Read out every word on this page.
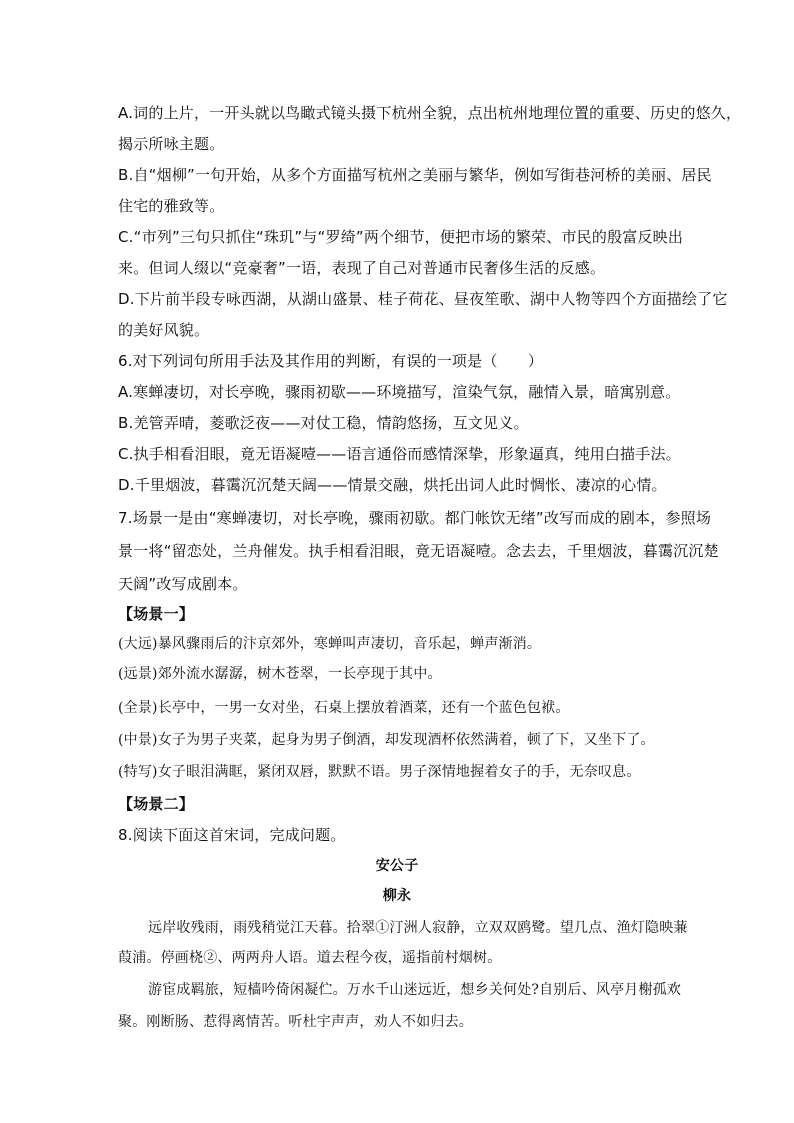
A.词的上片，一开头就以鸟瞰式镜头摄下杭州全貌，点出杭州地理位置的重要、历史的悠久，
揭示所咏主题。
B.自“烟柳”一句开始，从多个方面描写杭州之美丽与繁华，例如写街巷河桥的美丽、居民
住宅的雅致等。
C.“市列”三句只抓住“珠玑”与“罗绮”两个细节，便把市场的繁荣、市民的殷富反映出
来。但词人缀以“竞豪奢”一语，表现了自己对普通市民奢侈生活的反感。
D.下片前半段专咏西湖，从湖山盛景、桂子荷花、昼夜笙歌、湖中人物等四个方面描绘了它
的美好风貌。
6.对下列词句所用手法及其作用的判断，有误的一项是（　　）
A.寒蝉凄切，对长亭晚，骤雨初歇——环境描写，渲染气氛，融情入景，暗寓别意。
B.羌管弄晴，菱歌泛夜——对仗工稳，情韵悠扬，互文见义。
C.执手相看泪眼，竟无语凝噎——语言通俗而感情深挚，形象逼真，纯用白描手法。
D.千里烟波，暮霭沉沉楚天阔——情景交融，烘托出词人此时惆怅、凄凉的心情。
7.场景一是由“寒蝉凄切，对长亭晚，骤雨初歇。都门帐饮无绪”改写而成的剧本，参照场
景一将“留恋处，兰舟催发。执手相看泪眼，竟无语凝噎。念去去，千里烟波，暮霭沉沉楚
天阔”改写成剧本。
【场景一】
(大远)暴风骤雨后的汴京郊外，寒蝉叫声凄切，音乐起，蝉声渐消。
(远景)郊外流水潺潺，树木苍翠，一长亭现于其中。
(全景)长亭中，一男一女对坐，石桌上摆放着酒菜，还有一个蓝色包袱。
(中景)女子为男子夹菜，起身为男子倒酒，却发现酒杯依然满着，顿了下，又坐下了。
(特写)女子眼泪满眶，紧闭双唇，默默不语。男子深情地握着女子的手，无奈叹息。
【场景二】
8.阅读下面这首宋词，完成问题。
安公子
柳永
远岸收残雨，雨残稍觉江天暮。拾翠①汀洲人寂静，立双双鸥鹭。望几点、渔灯隐映蒹
葭浦。停画桡②、两两舟人语。道去程今夜，遥指前村烟树。
游宦成羁旅，短樯吟倚闲凝伫。万水千山迷远近，想乡关何处?自别后、风亭月榭孤欢
聚。刚断肠、惹得离情苦。听杜宇声声，劝人不如归去。
